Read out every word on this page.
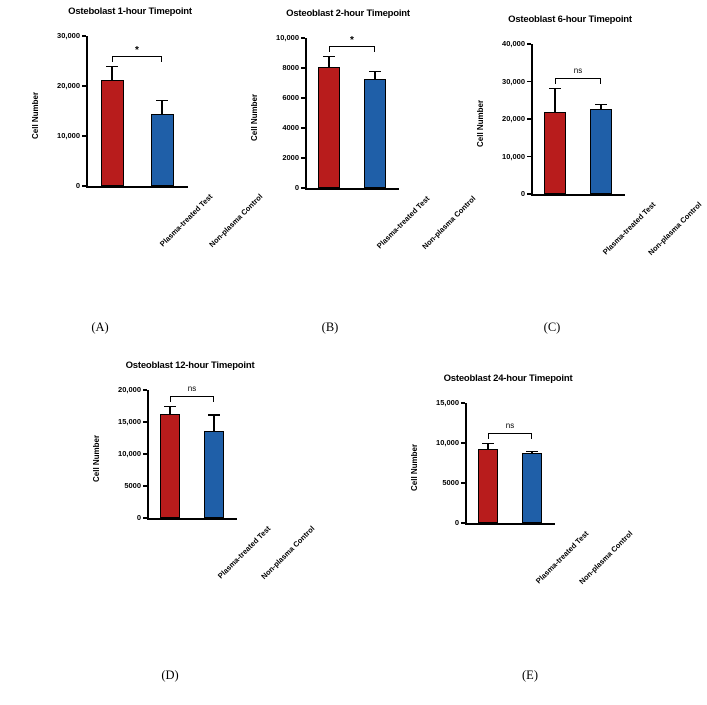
Ostebolast 1-hour Timepoint
0
10,000
20,000
30,000
Cell Number
Plasma-treated Test
Non-plasma Control
*
Osteoblast 2-hour Timepoint
0
2000
4000
6000
8000
10,000
Cell Number
Plasma-treated Test
Non-plasma Control
*
Osteoblast 6-hour Timepoint
0
10,000
20,000
30,000
40,000
Cell Number
Plasma-treated Test
Non-plasma Control
ns
Osteoblast 12-hour Timepoint
0
5000
10,000
15,000
20,000
Cell Number
Plasma-treated Test
Non-plasma Control
ns
Osteoblast 24-hour Timepoint
0
5000
10,000
15,000
Cell Number
Plasma-treated Test
Non-plasma Control
ns
(A)	(B)	(C)
(D)	(E)
